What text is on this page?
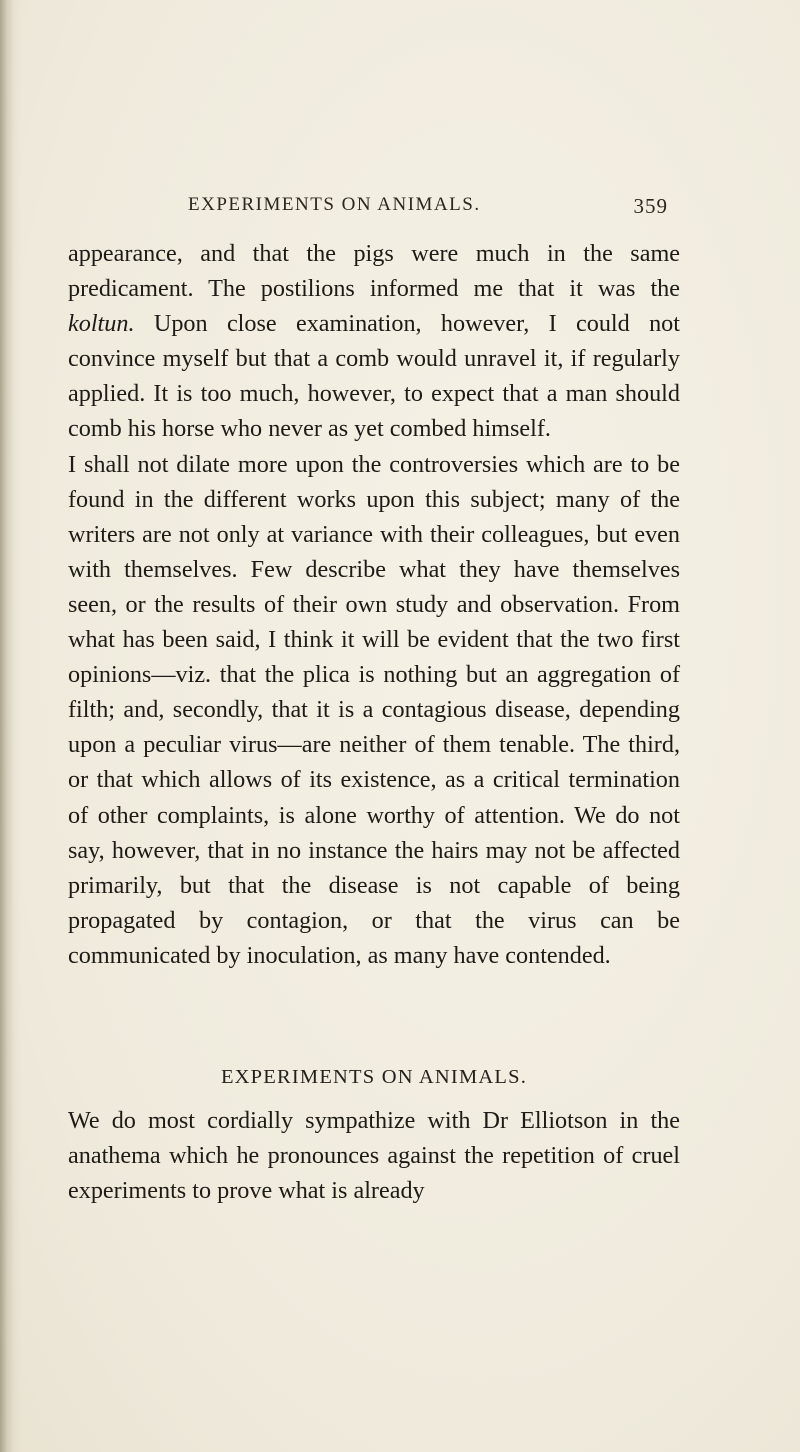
EXPERIMENTS ON ANIMALS.	359

appearance, and that the pigs were much in the same predicament. The postilions informed me that it was the koltun. Upon close examination, however, I could not convince myself but that a comb would unravel it, if regularly applied. It is too much, however, to expect that a man should comb his horse who never as yet combed himself.

I shall not dilate more upon the controversies which are to be found in the different works upon this subject; many of the writers are not only at variance with their colleagues, but even with themselves. Few describe what they have themselves seen, or the results of their own study and observation. From what has been said, I think it will be evident that the two first opinions—viz. that the plica is nothing but an aggregation of filth; and, secondly, that it is a contagious disease, depending upon a peculiar virus—are neither of them tenable. The third, or that which allows of its existence, as a critical termination of other complaints, is alone worthy of attention. We do not say, however, that in no instance the hairs may not be affected primarily, but that the disease is not capable of being propagated by contagion, or that the virus can be communicated by inoculation, as many have contended.

EXPERIMENTS ON ANIMALS.

We do most cordially sympathize with Dr Elliotson in the anathema which he pronounces against the repetition of cruel experiments to prove what is already
